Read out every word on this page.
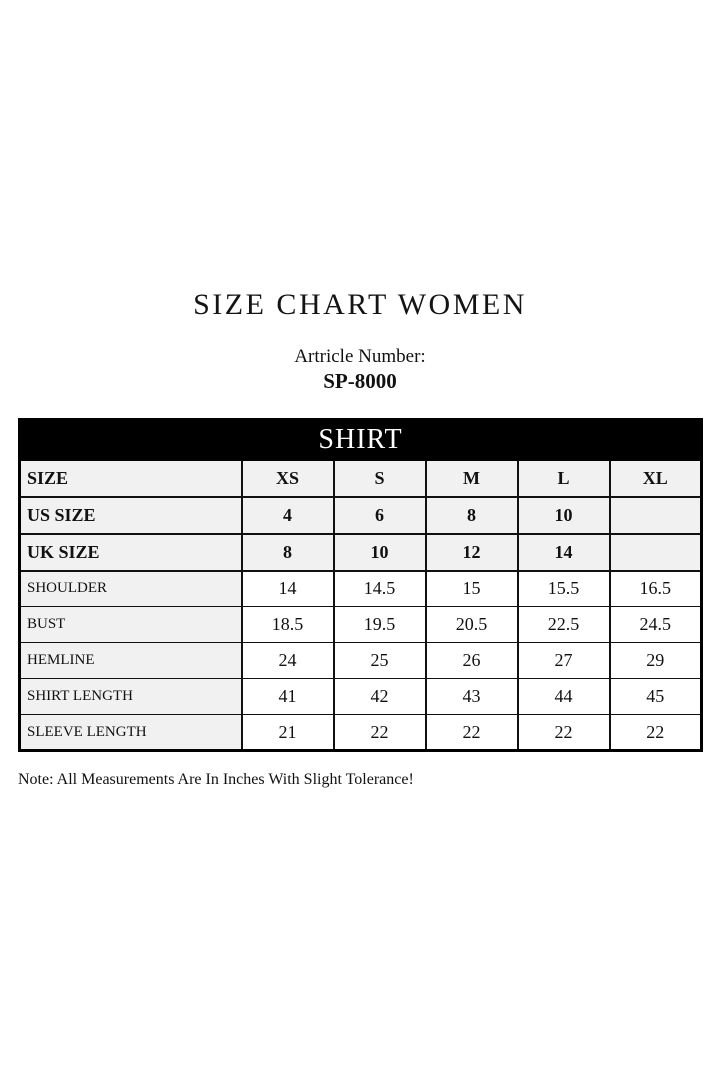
SIZE CHART WOMEN
Artricle Number:
SP-8000
SHIRT					
SIZE	XS	S	M	L	XL
US SIZE	4	6	8	10	
UK SIZE	8	10	12	14	
SHOULDER	14	14.5	15	15.5	16.5
BUST	18.5	19.5	20.5	22.5	24.5
HEMLINE	24	25	26	27	29
SHIRT LENGTH	41	42	43	44	45
SLEEVE LENGTH	21	22	22	22	22
Note: All Measurements Are In Inches With Slight Tolerance!
